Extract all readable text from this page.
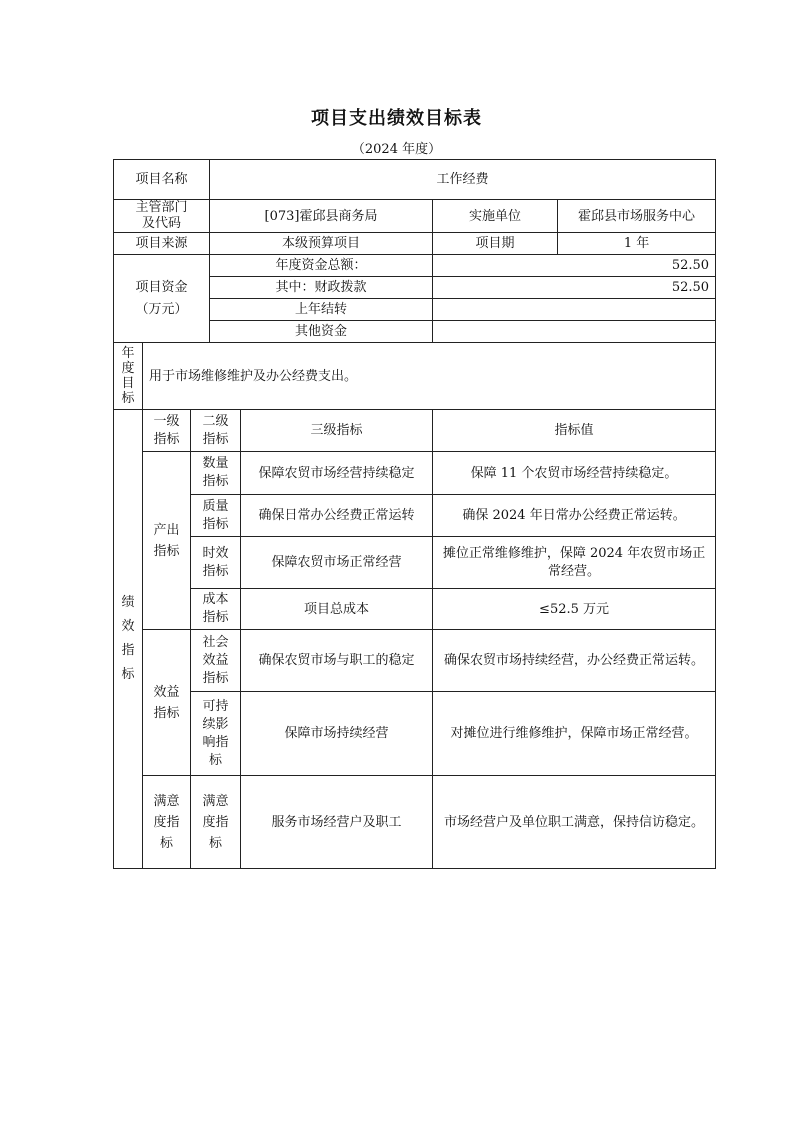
项目支出绩效目标表
（2024 年度）
项目名称			工作经费			

主管部门及代码			[073]霍邱县商务局		实施单位	霍邱县市场服务中心
项目来源			本级预算项目		项目期	1 年

项目资金（万元）			年度资金总额：		52.50	
			其中：财政拨款		52.50	
			上年结转			
			其他资金			

年度目标	用于市场维修维护及办公经费支出。					

绩效指标	一级指标	二级指标		三级指标	指标值	

	产出指标	数量指标		保障农贸市场经营持续稳定	保障 11 个农贸市场经营持续稳定。	

		质量指标		确保日常办公经费正常运转	确保 2024 年日常办公经费正常运转。	

		时效指标		保障农贸市场正常经营	摊位正常维修维护，保障 2024 年农贸市场正常经营。	

		成本指标		项目总成本	≤52.5 万元	

	效益指标	社会效益指标		确保农贸市场与职工的稳定	确保农贸市场持续经营，办公经费正常运转。	

		可持续影响指标		保障市场持续经营	对摊位进行维修维护，保障市场正常经营。	

	满意度指标	满意度指标		服务市场经营户及职工	市场经营户及单位职工满意，保持信访稳定。	
